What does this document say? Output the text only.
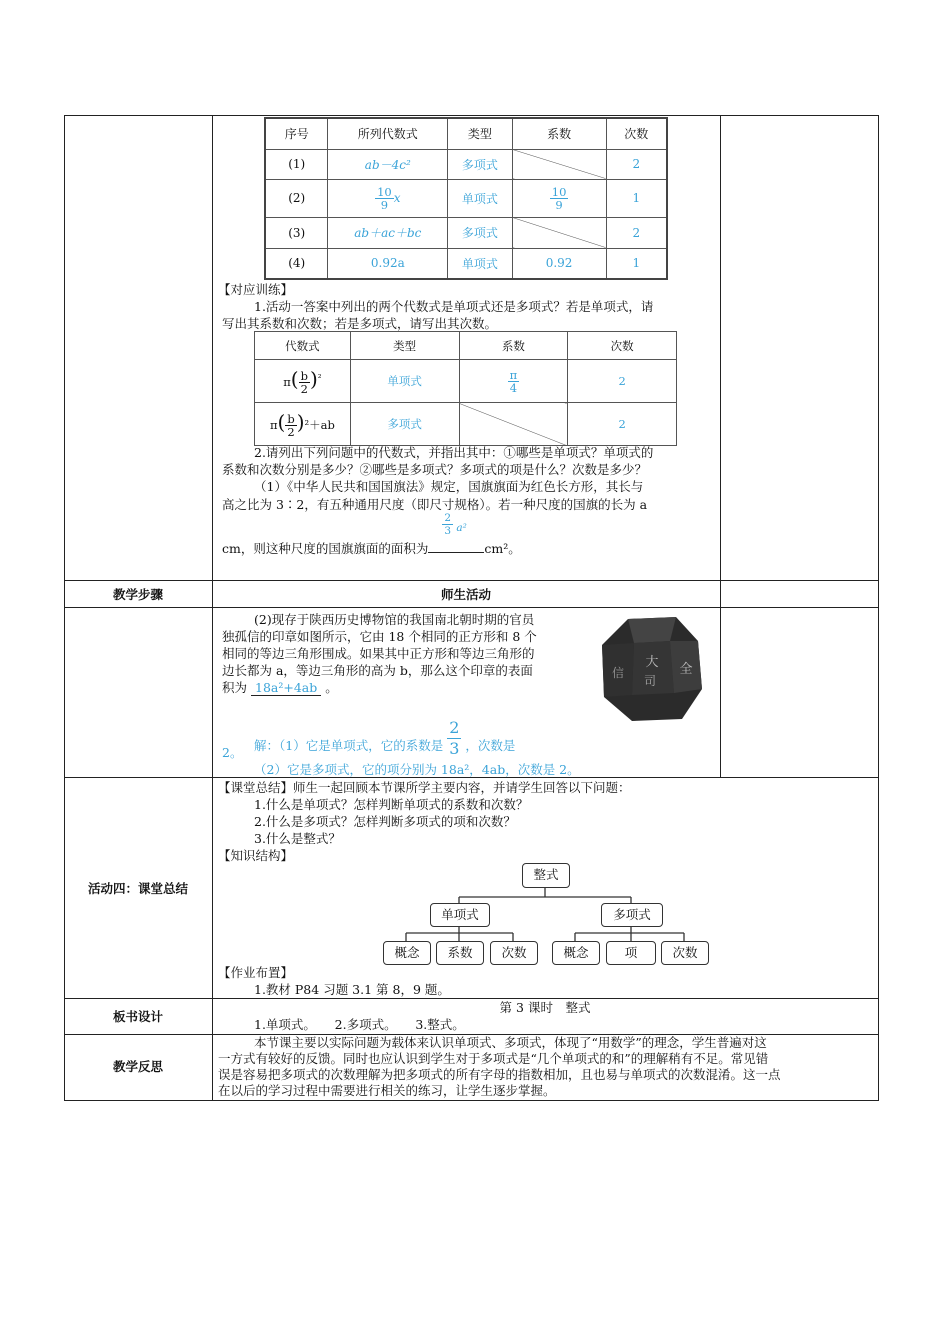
序号	所列代数式	类型	系数	次数
(1)	ab－4c²	多项式		2
(2)	$\frac{10}{9}$ x	单项式	$\frac{10}{9}$	1
(3)	ab＋ac＋bc	多项式		2
(4)	0.92a	单项式	0.92	1
【对应训练】
1.活动一答案中列出的两个代数式是单项式还是多项式？若是单项式，请
写出其系数和次数；若是多项式，请写出其次数。
代数式	类型	系数	次数
$\pi( \frac{b}{2} )^{^2}$	单项式	$\frac{\pi}{4}$	2
$\pi( \frac{b}{2} )^2+ab$	多项式		2
2.请列出下列问题中的代数式，并指出其中：①哪些是单项式？单项式的
系数和次数分别是多少？②哪些是多项式？多项式的项是什么？次数是多少？
（1）《中华人民共和国国旗法》规定，国旗旗面为红色长方形，其长与
高之比为 3∶2，有五种通用尺度（即尺寸规格）。若一种尺度的国旗的长为 a
cm，则这种尺度的国旗旗面的面积为
$\frac{2}{3} a^2$
cm²。
教学步骤	师生活动
(2)现存于陕西历史博物馆的我国南北朝时期的官员
独孤信的印章如图所示，它由 18 个相同的正方形和 8 个
相同的等边三角形围成。如果其中正方形和等边三角形的
边长都为 a，等边三角形的高为 b，那么这个印章的表面
积为 18a²+4ab 。
大
司
信	全
解：（1）它是单项式，它的系数是 $\frac{2}{3}$ ，次数是
2。
（2）它是多项式，它的项分别为 18a²，4ab，次数是 2。
活动四：课堂总结
【课堂总结】师生一起回顾本节课所学主要内容，并请学生回答以下问题：
1.什么是单项式？怎样判断单项式的系数和次数？
2.什么是多项式？怎样判断多项式的项和次数？
3.什么是整式？
【知识结构】
整式
单项式	多项式
概念	系数	次数	概念	项	次数
【作业布置】
1.教材 P84 习题 3.1 第 8，9 题。
板书设计
第 3 课时　整式
1.单项式。　　2.多项式。　　3.整式。
教学反思
本节课主要以实际问题为载体来认识单项式、多项式，体现了“用数学”的理念，学生普遍对这
一方式有较好的反馈。同时也应认识到学生对于多项式是“几个单项式的和”的理解稍有不足。常见错
误是容易把多项式的次数理解为把多项式的所有字母的指数相加，且也易与单项式的次数混淆。这一点
在以后的学习过程中需要进行相关的练习，让学生逐步掌握。
